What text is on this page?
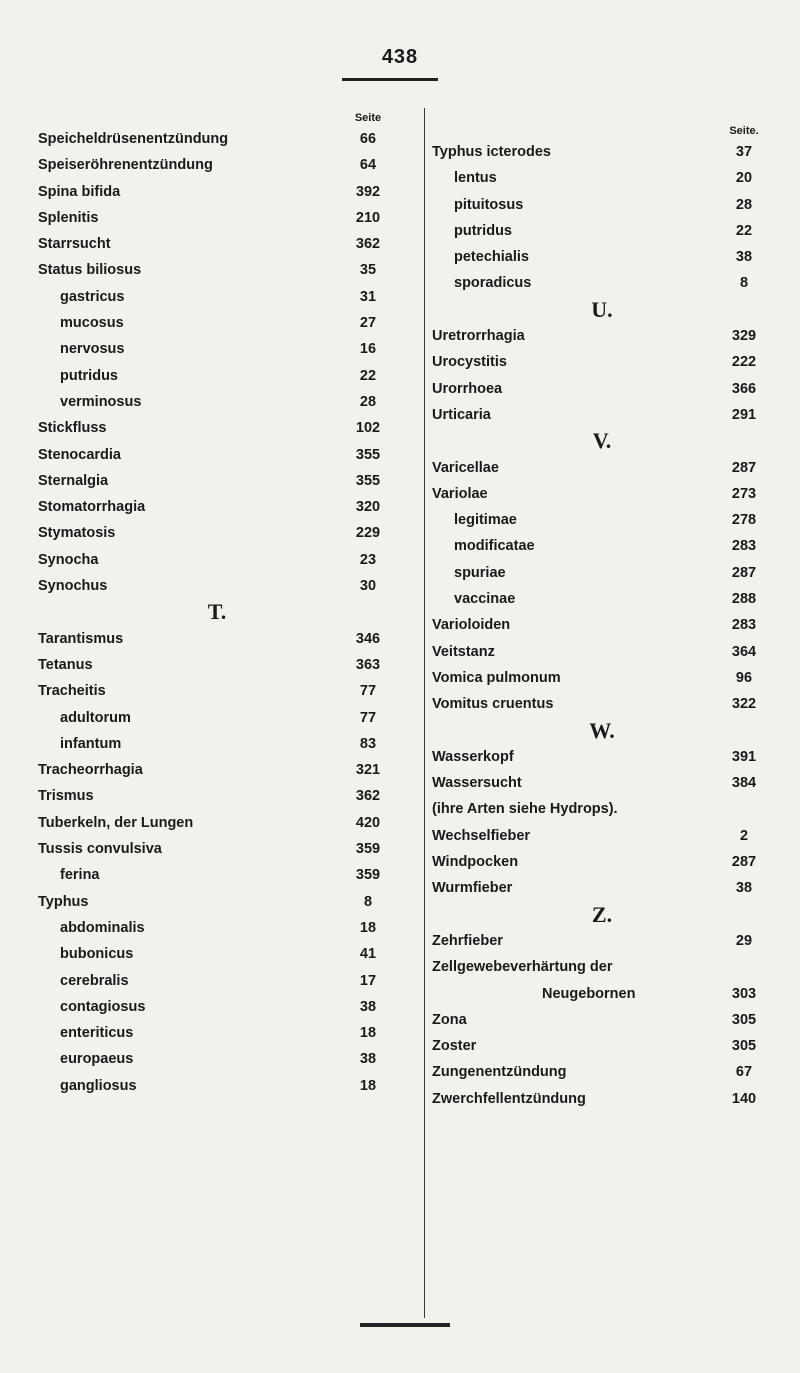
438
Seite
Speicheldrüsenentzündung	66
Speiseröhrenentzündung	64
Spina bifida	392
Splenitis	210
Starrsucht	362
Status biliosus	35
gastricus	31
mucosus	27
nervosus	16
putridus	22
verminosus	28
Stickfluss	102
Stenocardia	355
Sternalgia	355
Stomatorrhagia	320
Stymatosis	229
Synocha	23
Synochus	30
T.
Tarantismus	346
Tetanus	363
Tracheitis	77
adultorum	77
infantum	83
Tracheorrhagia	321
Trismus	362
Tuberkeln, der Lungen	420
Tussis convulsiva	359
ferina	359
Typhus	8
abdominalis	18
bubonicus	41
cerebralis	17
contagiosus	38
enteriticus	18
europaeus	38
gangliosus	18
Seite.
Typhus icterodes	37
lentus	20
pituitosus	28
putridus	22
petechialis	38
sporadicus	8
U.
Uretrorrhagia	329
Urocystitis	222
Urorrhoea	366
Urticaria	291
V.
Varicellae	287
Variolae	273
legitimae	278
modificatae	283
spuriae	287
vaccinae	288
Varioloiden	283
Veitstanz	364
Vomica pulmonum	96
Vomitus cruentus	322
W.
Wasserkopf	391
Wassersucht	384
(ihre Arten siehe Hydrops).
Wechselfieber	2
Windpocken	287
Wurmfieber	38
Z.
Zehrfieber	29
Zellgewebeverhärtung der
Neugebornen	303
Zona	305
Zoster	305
Zungenentzündung	67
Zwerchfellentzündung	140
